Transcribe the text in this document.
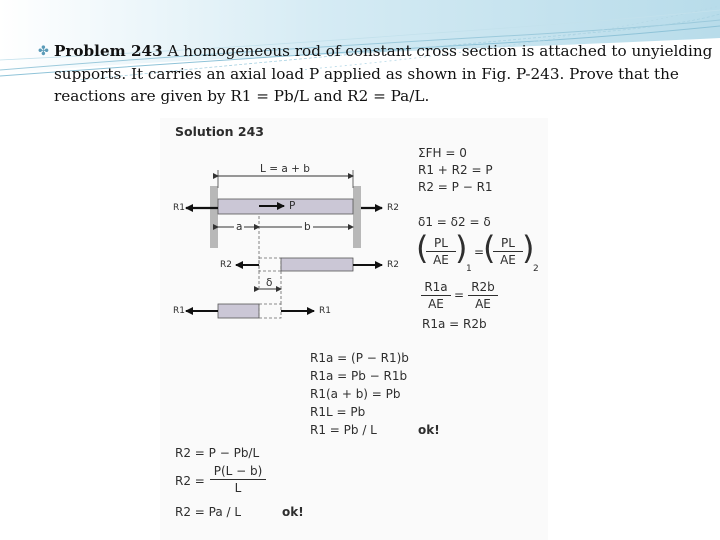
✤ Problem 243 A homogeneous rod of constant cross section is attached to unyielding
supports. It carries an axial load P applied as shown in Fig. P-243. Prove that the
reactions are given by R1 = Pb/L and R2 = Pa/L.
Solution 243
L = a + b
R1	R2
P
a	b
R2	R2
δ
R1	R1
ΣFH = 0
R1 + R2 = P
R2 = P − R1
δ1 = δ2 = δ
(
$\frac{PL}{AE}$ )
1
=
(
$\frac{PL}{AE}$ )
2
$\frac{R1a}{AE} = \frac{R2b}{AE}$
R1a = R2b
R1a = (P − R1)b
R1a = Pb − R1b
R1(a + b) = Pb
R1L = Pb
R1 = Pb / L	ok!
R2 = P − Pb/L
$R2 = \frac{P(L - b)}{L}$
R2 = Pa / L	ok!
